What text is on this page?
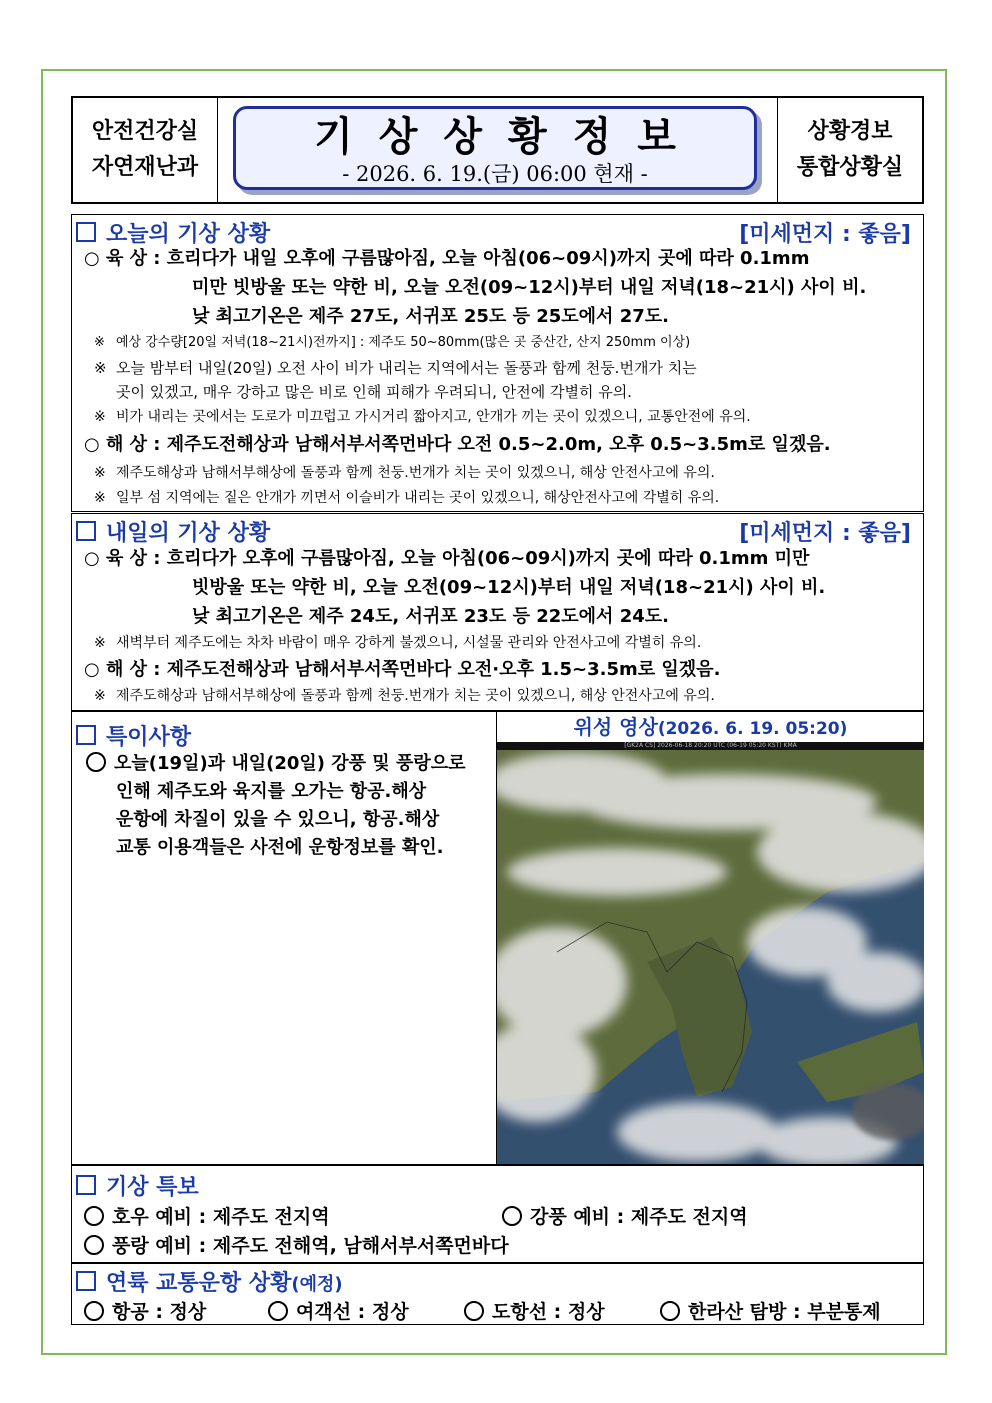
안전건강실
자연재난과
기상상황정보
- 2026. 6. 19.(금) 06:00 현재 -
상황경보
통합상황실
오늘의 기상 상황	[미세먼지 : 좋음]
○ 육 상 : 흐리다가 내일 오후에 구름많아짐, 오늘 아침(06~09시)까지 곳에 따라 0.1mm
미만 빗방울 또는 약한 비, 오늘 오전(09~12시)부터 내일 저녁(18~21시) 사이 비.
낮 최고기온은 제주 27도, 서귀포 25도 등 25도에서 27도.
※ 예상 강수량[20일 저녁(18~21시)전까지] : 제주도 50~80mm(많은 곳 중산간, 산지 250mm 이상)
※ 오늘 밤부터 내일(20일) 오전 사이 비가 내리는 지역에서는 돌풍과 함께 천둥.번개가 치는
곳이 있겠고, 매우 강하고 많은 비로 인해 피해가 우려되니, 안전에 각별히 유의.
※ 비가 내리는 곳에서는 도로가 미끄럽고 가시거리 짧아지고, 안개가 끼는 곳이 있겠으니, 교통안전에 유의.
○ 해 상 : 제주도전해상과 남해서부서쪽먼바다 오전 0.5~2.0m, 오후 0.5~3.5m로 일겠음.
※ 제주도해상과 남해서부해상에 돌풍과 함께 천둥.번개가 치는 곳이 있겠으니, 해상 안전사고에 유의.
※ 일부 섬 지역에는 짙은 안개가 끼면서 이슬비가 내리는 곳이 있겠으니, 해상안전사고에 각별히 유의.
내일의 기상 상황	[미세먼지 : 좋음]
○ 육 상 : 흐리다가 오후에 구름많아짐, 오늘 아침(06~09시)까지 곳에 따라 0.1mm 미만
빗방울 또는 약한 비, 오늘 오전(09~12시)부터 내일 저녁(18~21시) 사이 비.
낮 최고기온은 제주 24도, 서귀포 23도 등 22도에서 24도.
※ 새벽부터 제주도에는 차차 바람이 매우 강하게 불겠으니, 시설물 관리와 안전사고에 각별히 유의.
○ 해 상 : 제주도전해상과 남해서부서쪽먼바다 오전·오후 1.5~3.5m로 일겠음.
※ 제주도해상과 남해서부해상에 돌풍과 함께 천둥.번개가 치는 곳이 있겠으니, 해상 안전사고에 유의.
특이사항
오늘(19일)과 내일(20일) 강풍 및 풍랑으로
인해 제주도와 육지를 오가는 항공.해상
운항에 차질이 있을 수 있으니, 항공.해상
교통 이용객들은 사전에 운항정보를 확인.
위성 영상(2026. 6. 19. 05:20)
[GK2A CS] 2026-06-18 20:20 UTC (06-19 05:20 KST) KMA
기상 특보
호우 예비 : 제주도 전지역	강풍 예비 : 제주도 전지역
풍랑 예비 : 제주도 전해역, 남해서부서쪽먼바다
연륙 교통운항 상황(예정)
항공 : 정상	여객선 : 정상	도항선 : 정상	한라산 탐방 : 부분통제
